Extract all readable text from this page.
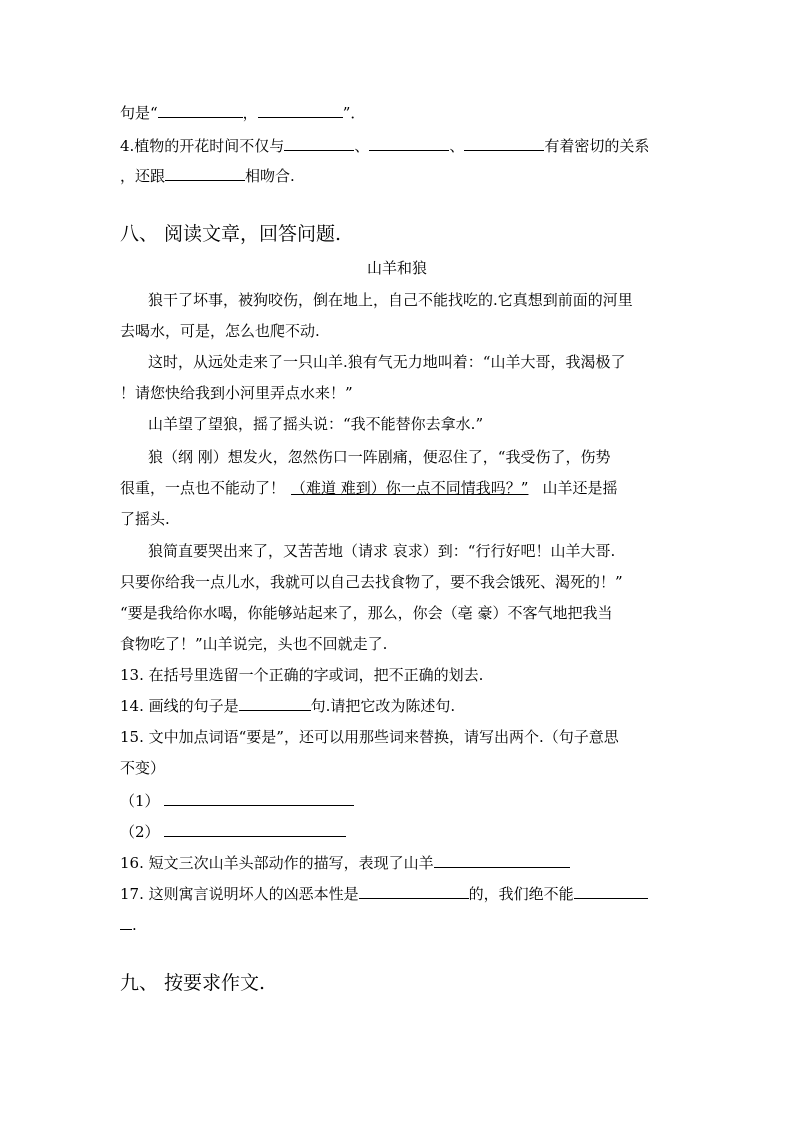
句是“	，	”．
4.植物的开花时间不仅与	、	、	有着密切的关系
，还跟	相吻合.
八、 阅读文章，回答问题.
山羊和狼
狼干了坏事，被狗咬伤，倒在地上，自己不能找吃的.它真想到前面的河里
去喝水，可是，怎么也爬不动.
这时，从远处走来了一只山羊.狼有气无力地叫着：“山羊大哥，我渴极了
！请您快给我到小河里弄点水来！”
山羊望了望狼，摇了摇头说：“我不能替你去拿水.”
狼（纲 刚）想发火，忽然伤口一阵剧痛，便忍住了，“我受伤了，伤势
很重，一点也不能动了！ （难道 难到）你一点不同情我吗？” 山羊还是摇
了摇头.
狼简直要哭出来了，又苦苦地（请求 哀求）到：“行行好吧！山羊大哥.
只要你给我一点儿水，我就可以自己去找食物了，要不我会饿死、渴死的！”
“要是我给你水喝，你能够站起来了，那么，你会（亳 豪）不客气地把我当
食物吃了！”山羊说完，头也不回就走了.
13. 在括号里选留一个正确的字或词，把不正确的划去.
14. 画线的句子是	句.请把它改为陈述句.
15. 文中加点词语“要是”，还可以用那些词来替换，请写出两个.（句子意思
不变）
（1）
（2）
16. 短文三次山羊头部动作的描写，表现了山羊
17. 这则寓言说明坏人的凶恶本性是	的，我们绝不能
.
九、 按要求作文.
